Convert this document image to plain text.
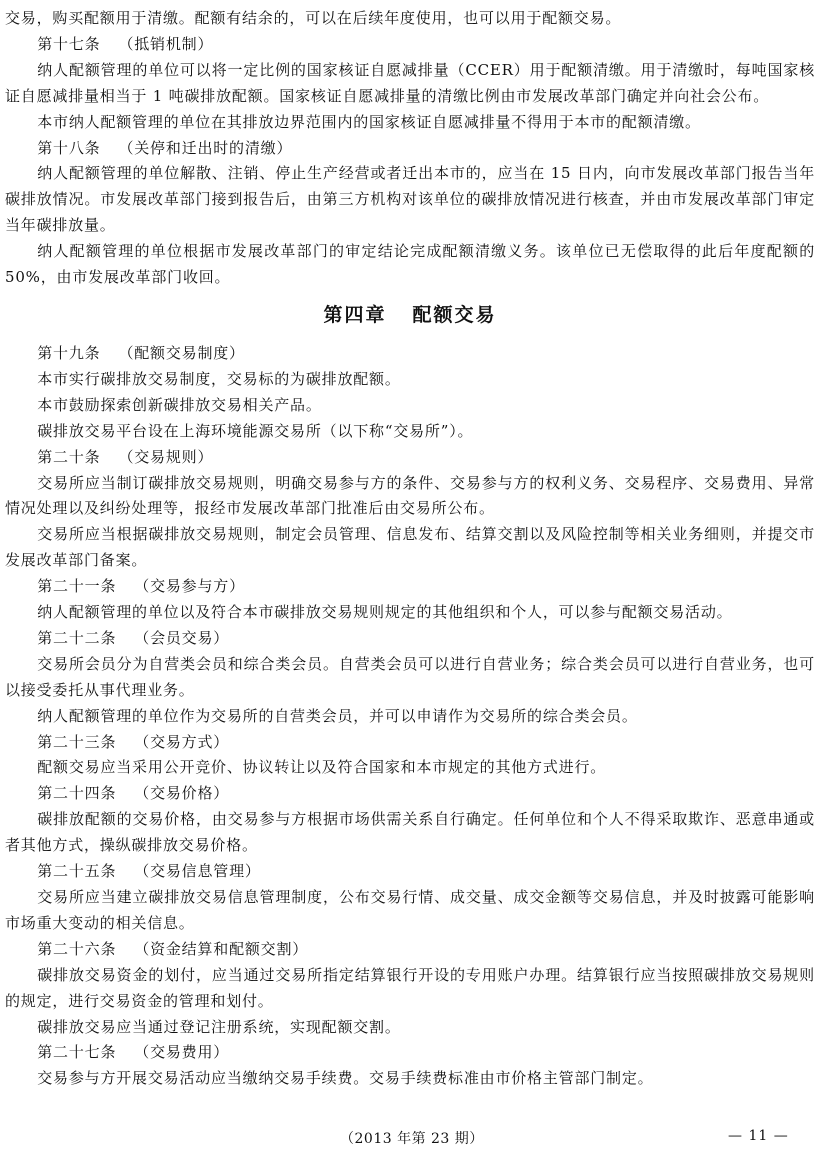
交易，购买配额用于清缴。配额有结余的，可以在后续年度使用，也可以用于配额交易。

第十七条 （抵销机制）

纳人配额管理的单位可以将一定比例的国家核证自愿减排量（CCER）用于配额清缴。用于清缴时，每吨国家核证自愿减排量相当于 1 吨碳排放配额。国家核证自愿减排量的清缴比例由市发展改革部门确定并向社会公布。

本市纳人配额管理的单位在其排放边界范围内的国家核证自愿减排量不得用于本市的配额清缴。

第十八条 （关停和迁出时的清缴）

纳人配额管理的单位解散、注销、停止生产经营或者迁出本市的，应当在 15 日内，向市发展改革部门报告当年碳排放情况。市发展改革部门接到报告后，由第三方机构对该单位的碳排放情况进行核查，并由市发展改革部门审定当年碳排放量。

纳人配额管理的单位根据市发展改革部门的审定结论完成配额清缴义务。该单位已无偿取得的此后年度配额的 50%，由市发展改革部门收回。

第四章 配额交易

第十九条 （配额交易制度）

本市实行碳排放交易制度，交易标的为碳排放配额。

本市鼓励探索创新碳排放交易相关产品。

碳排放交易平台设在上海环境能源交易所（以下称“交易所”）。

第二十条 （交易规则）

交易所应当制订碳排放交易规则，明确交易参与方的条件、交易参与方的权利义务、交易程序、交易费用、异常情况处理以及纠纷处理等，报经市发展改革部门批准后由交易所公布。

交易所应当根据碳排放交易规则，制定会员管理、信息发布、结算交割以及风险控制等相关业务细则，并提交市发展改革部门备案。

第二十一条 （交易参与方）

纳人配额管理的单位以及符合本市碳排放交易规则规定的其他组织和个人，可以参与配额交易活动。

第二十二条 （会员交易）

交易所会员分为自营类会员和综合类会员。自营类会员可以进行自营业务；综合类会员可以进行自营业务，也可以接受委托从事代理业务。

纳人配额管理的单位作为交易所的自营类会员，并可以申请作为交易所的综合类会员。

第二十三条 （交易方式）

配额交易应当采用公开竞价、协议转让以及符合国家和本市规定的其他方式进行。

第二十四条 （交易价格）

碳排放配额的交易价格，由交易参与方根据市场供需关系自行确定。任何单位和个人不得采取欺诈、恶意串通或者其他方式，操纵碳排放交易价格。

第二十五条 （交易信息管理）

交易所应当建立碳排放交易信息管理制度，公布交易行情、成交量、成交金额等交易信息，并及时披露可能影响市场重大变动的相关信息。

第二十六条 （资金结算和配额交割）

碳排放交易资金的划付，应当通过交易所指定结算银行开设的专用账户办理。结算银行应当按照碳排放交易规则的规定，进行交易资金的管理和划付。

碳排放交易应当通过登记注册系统，实现配额交割。

第二十七条 （交易费用）

交易参与方开展交易活动应当缴纳交易手续费。交易手续费标准由市价格主管部门制定。

（2013 年第 23 期）	— 11 —
